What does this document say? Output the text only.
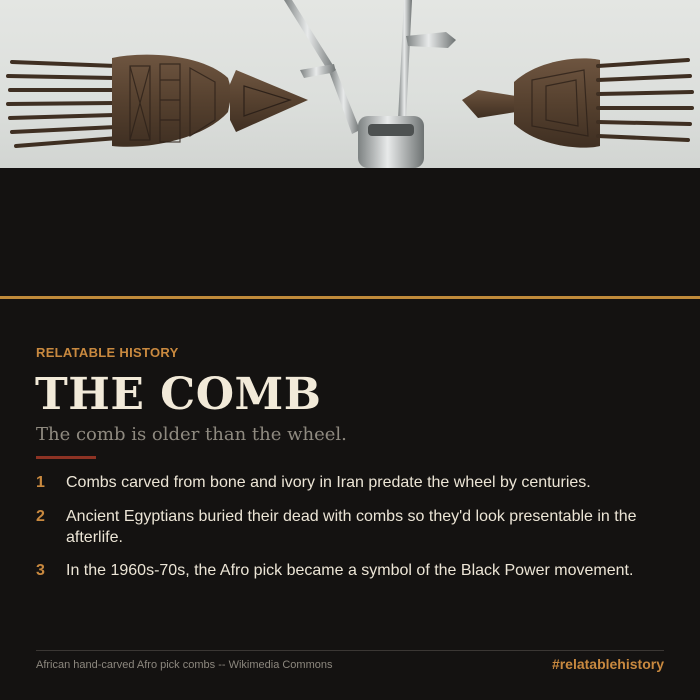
RELATABLE HISTORY
THE COMB
The comb is older than the wheel.
1	Combs carved from bone and ivory in Iran predate the wheel by centuries.
2	Ancient Egyptians buried their dead with combs so they'd look presentable in the afterlife.
3	In the 1960s-70s, the Afro pick became a symbol of the Black Power movement.
African hand-carved Afro pick combs -- Wikimedia Commons	#relatablehistory
